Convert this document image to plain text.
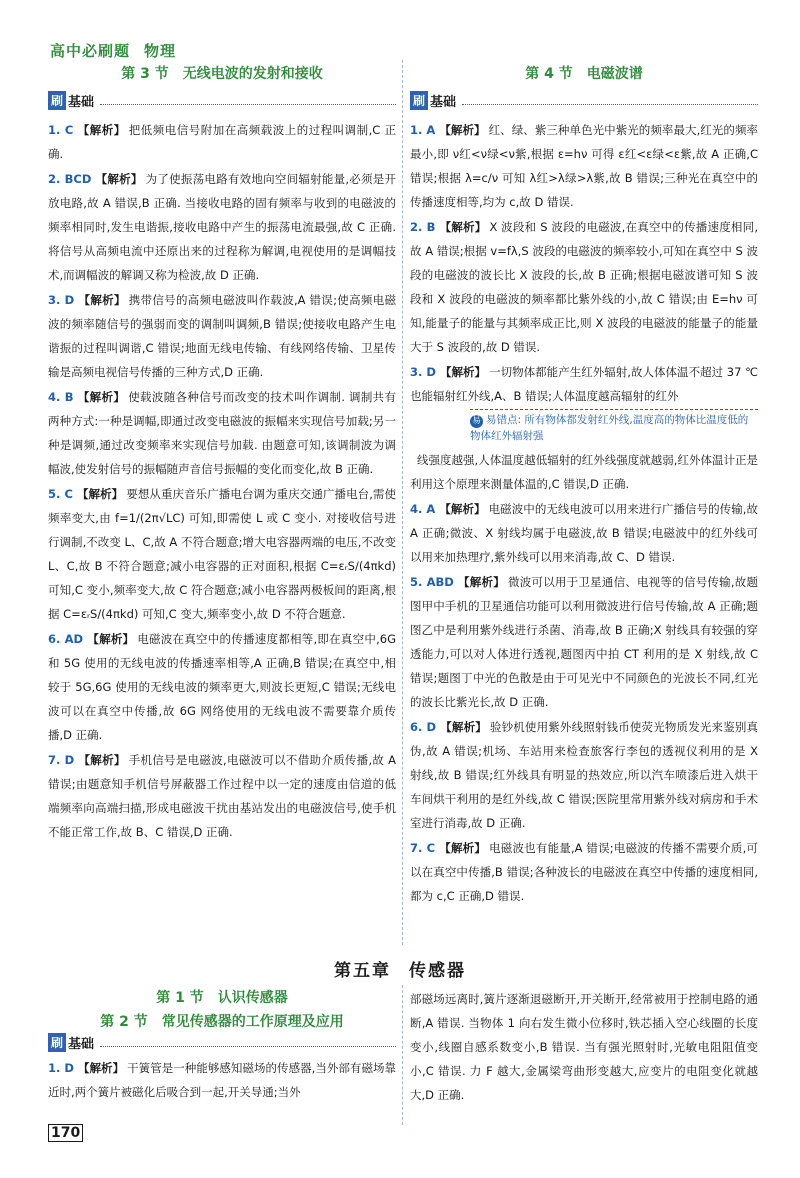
高中必刷题 物理
第 3 节 无线电波的发射和接收
刷 基础
1. C 【解析】 把低频电信号附加在高频载波上的过程叫调制,C 正确.
2. BCD 【解析】 为了使振荡电路有效地向空间辐射能量,必须是开放电路,故 A 错误,B 正确. 当接收电路的固有频率与收到的电磁波的频率相同时,发生电谐振,接收电路中产生的振荡电流最强,故 C 正确. 将信号从高频电流中还原出来的过程称为解调,电视使用的是调幅技术,而调幅波的解调又称为检波,故 D 正确.
3. D 【解析】 携带信号的高频电磁波叫作载波,A 错误;使高频电磁波的频率随信号的强弱而变的调制叫调频,B 错误;使接收电路产生电谐振的过程叫调谐,C 错误;地面无线电传输、有线网络传输、卫星传输是高频电视信号传播的三种方式,D 正确.
4. B 【解析】 使载波随各种信号而改变的技术叫作调制. 调制共有两种方式:一种是调幅,即通过改变电磁波的振幅来实现信号加载;另一种是调频,通过改变频率来实现信号加载. 由题意可知,该调制波为调幅波,使发射信号的振幅随声音信号振幅的变化而变化,故 B 正确.
5. C 【解析】 要想从重庆音乐广播电台调为重庆交通广播电台,需使频率变大,由 f=1/(2π√LC) 可知,即需使 L 或 C 变小. 对接收信号进行调制,不改变 L、C,故 A 不符合题意;增大电容器两端的电压,不改变 L、C,故 B 不符合题意;减小电容器的正对面积,根据 C=εᵣS/(4πkd) 可知,C 变小,频率变大,故 C 符合题意;减小电容器两极板间的距离,根据 C=εᵣS/(4πkd) 可知,C 变大,频率变小,故 D 不符合题意.
6. AD 【解析】 电磁波在真空中的传播速度都相等,即在真空中,6G 和 5G 使用的无线电波的传播速率相等,A 正确,B 错误;在真空中,相较于 5G,6G 使用的无线电波的频率更大,则波长更短,C 错误;无线电波可以在真空中传播,故 6G 网络使用的无线电波不需要靠介质传播,D 正确.
7. D 【解析】 手机信号是电磁波,电磁波可以不借助介质传播,故 A 错误;由题意知手机信号屏蔽器工作过程中以一定的速度由信道的低端频率向高端扫描,形成电磁波干扰由基站发出的电磁波信号,使手机不能正常工作,故 B、C 错误,D 正确.
第 4 节 电磁波谱
刷 基础
1. A 【解析】 红、绿、紫三种单色光中紫光的频率最大,红光的频率最小,即 ν红<ν绿<ν紫,根据 ε=hν 可得 ε红<ε绿<ε紫,故 A 正确,C 错误;根据 λ=c/ν 可知 λ红>λ绿>λ紫,故 B 错误;三种光在真空中的传播速度相等,均为 c,故 D 错误.
2. B 【解析】 X 波段和 S 波段的电磁波,在真空中的传播速度相同,故 A 错误;根据 v=fλ,S 波段的电磁波的频率较小,可知在真空中 S 波段的电磁波的波长比 X 波段的长,故 B 正确;根据电磁波谱可知 S 波段和 X 波段的电磁波的频率都比紫外线的小,故 C 错误;由 E=hν 可知,能量子的能量与其频率成正比,则 X 波段的电磁波的能量子的能量大于 S 波段的,故 D 错误.
3. D 【解析】 一切物体都能产生红外辐射,故人体体温不超过 37 ℃也能辐射红外线,A、B 错误;人体温度越高辐射的红外
易 易错点: 所有物体都发射红外线,温度高的物体比温度低的物体红外辐射强
线强度越强,人体温度越低辐射的红外线强度就越弱,红外体温计正是利用这个原理来测量体温的,C 错误,D 正确.
4. A 【解析】 电磁波中的无线电波可以用来进行广播信号的传输,故 A 正确;微波、X 射线均属于电磁波,故 B 错误;电磁波中的红外线可以用来加热理疗,紫外线可以用来消毒,故 C、D 错误.
5. ABD 【解析】 微波可以用于卫星通信、电视等的信号传输,故题图甲中手机的卫星通信功能可以利用微波进行信号传输,故 A 正确;题图乙中是利用紫外线进行杀菌、消毒,故 B 正确;X 射线具有较强的穿透能力,可以对人体进行透视,题图丙中拍 CT 利用的是 X 射线,故 C 错误;题图丁中光的色散是由于可见光中不同颜色的光波长不同,红光的波长比紫光长,故 D 正确.
6. D 【解析】 验钞机使用紫外线照射钱币使荧光物质发光来鉴别真伪,故 A 错误;机场、车站用来检查旅客行李包的透视仪利用的是 X 射线,故 B 错误;红外线具有明显的热效应,所以汽车喷漆后进入烘干车间烘干利用的是红外线,故 C 错误;医院里常用紫外线对病房和手术室进行消毒,故 D 正确.
7. C 【解析】 电磁波也有能量,A 错误;电磁波的传播不需要介质,可以在真空中传播,B 错误;各种波长的电磁波在真空中传播的速度相同,都为 c,C 正确,D 错误.
第五章 传感器
第 1 节 认识传感器
第 2 节 常见传感器的工作原理及应用
刷 基础
1. D 【解析】 干簧管是一种能够感知磁场的传感器,当外部有磁场靠近时,两个簧片被磁化后吸合到一起,开关导通;当外
部磁场远离时,簧片逐渐退磁断开,开关断开,经常被用于控制电路的通断,A 错误. 当物体 1 向右发生微小位移时,铁芯插入空心线圈的长度变小,线圈自感系数变小,B 错误. 当有强光照射时,光敏电阻阻值变小,C 错误. 力 F 越大,金属梁弯曲形变越大,应变片的电阻变化就越大,D 正确.
170
